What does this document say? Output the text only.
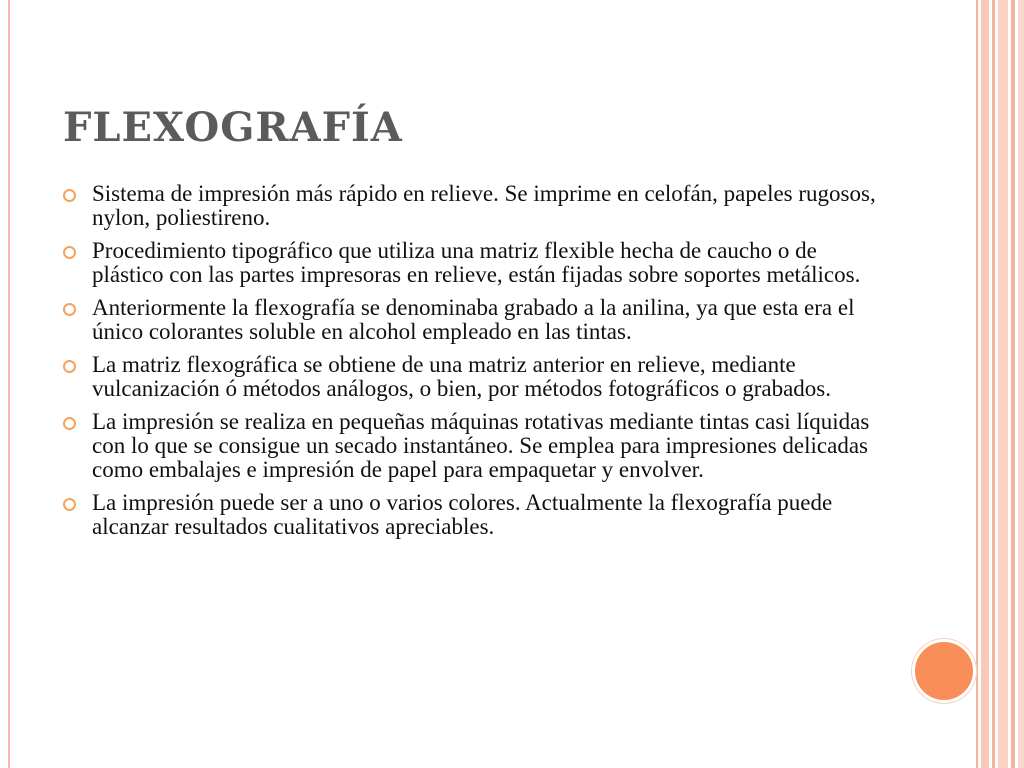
FLEXOGRAFÍA
Sistema de impresión más rápido en relieve. Se imprime en celofán, papeles rugosos, nylon, poliestireno.
Procedimiento tipográfico que utiliza una matriz flexible hecha de caucho o de plástico con las partes impresoras en relieve, están fijadas sobre soportes metálicos.
Anteriormente la flexografía se denominaba grabado a la anilina, ya que esta era el único colorantes soluble en alcohol empleado en las tintas.
La matriz flexográfica se obtiene de una matriz anterior en relieve, mediante vulcanización ó métodos análogos, o bien, por métodos fotográficos o grabados.
La impresión se realiza en pequeñas máquinas rotativas mediante tintas casi líquidas con lo que se consigue un secado instantáneo. Se emplea para impresiones delicadas como embalajes e impresión de papel para empaquetar y envolver.
La impresión puede ser a uno o varios colores. Actualmente la flexografía puede alcanzar resultados cualitativos apreciables.
